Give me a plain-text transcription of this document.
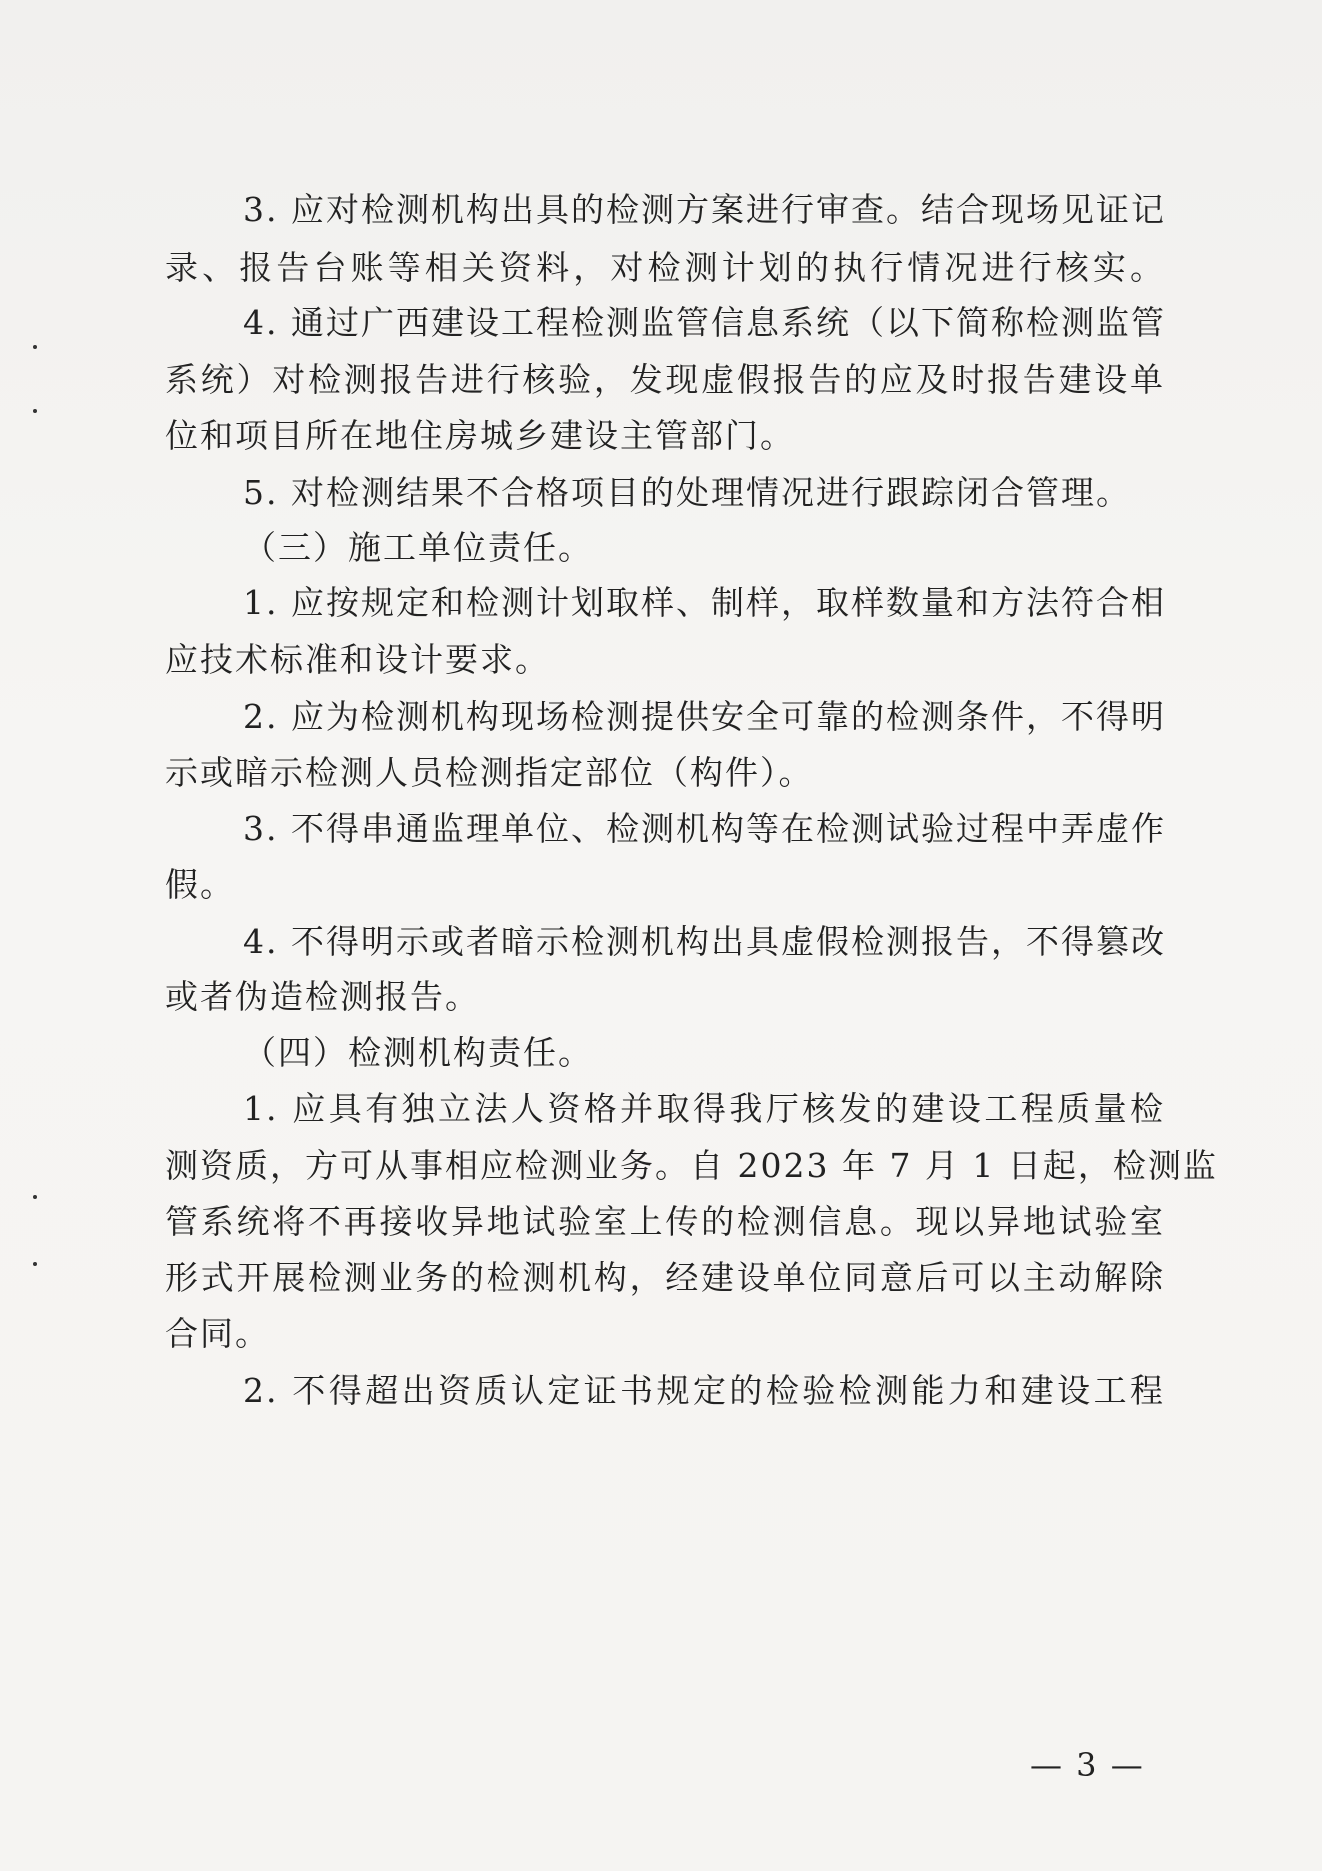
3. 应对检测机构出具的检测方案进行审查。结合现场见证记

录、报告台账等相关资料，对检测计划的执行情况进行核实。

4. 通过广西建设工程检测监管信息系统（以下简称检测监管

系统）对检测报告进行核验，发现虚假报告的应及时报告建设单

位和项目所在地住房城乡建设主管部门。

5. 对检测结果不合格项目的处理情况进行跟踪闭合管理。

（三）施工单位责任。

1. 应按规定和检测计划取样、制样，取样数量和方法符合相

应技术标准和设计要求。

2. 应为检测机构现场检测提供安全可靠的检测条件，不得明

示或暗示检测人员检测指定部位（构件）。

3. 不得串通监理单位、检测机构等在检测试验过程中弄虚作

假。

4. 不得明示或者暗示检测机构出具虚假检测报告，不得篡改

或者伪造检测报告。

（四）检测机构责任。

1. 应具有独立法人资格并取得我厅核发的建设工程质量检

测资质，方可从事相应检测业务。自 2023 年 7 月 1 日起，检测监

管系统将不再接收异地试验室上传的检测信息。现以异地试验室

形式开展检测业务的检测机构，经建设单位同意后可以主动解除

合同。

2. 不得超出资质认定证书规定的检验检测能力和建设工程

— 3 —
